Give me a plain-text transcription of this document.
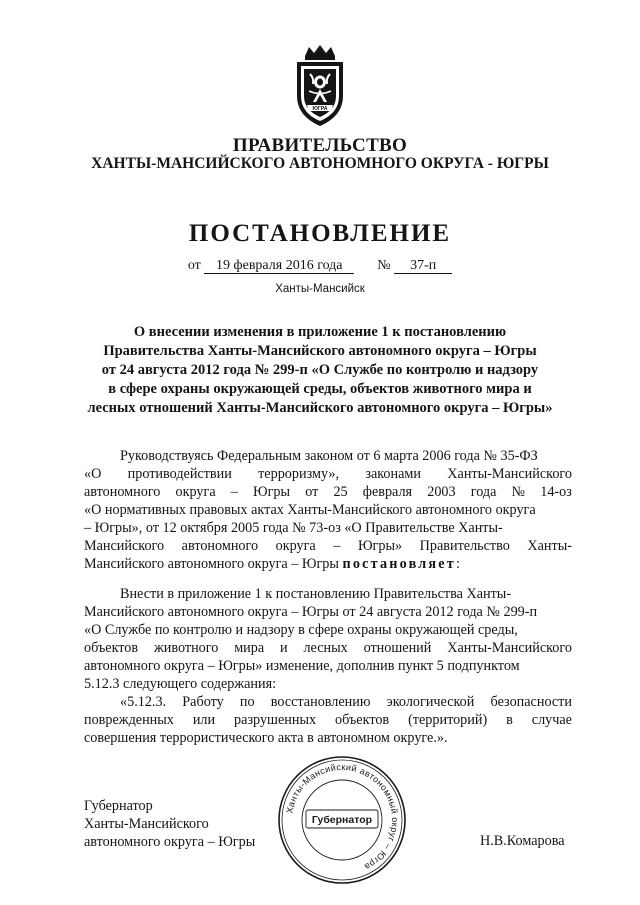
ЮГРА
ПРАВИТЕЛЬСТВО
ХАНТЫ-МАНСИЙСКОГО АВТОНОМНОГО ОКРУГА - ЮГРЫ
ПОСТАНОВЛЕНИЕ
от 19 февраля 2016 года № 37-п
Ханты-Мансийск
О внесении изменения в приложение 1 к постановлению
Правительства Ханты-Мансийского автономного округа – Югры
от 24 августа 2012 года № 299-п «О Службе по контролю и надзору
в сфере охраны окружающей среды, объектов животного мира и
лесных отношений Ханты-Мансийского автономного округа – Югры»
Руководствуясь Федеральным законом от 6 марта 2006 года № 35-ФЗ
«О противодействии терроризму», законами Ханты-Мансийского
автономного округа – Югры от 25 февраля 2003 года № 14-оз
«О нормативных правовых актах Ханты-Мансийского автономного округа
– Югры», от 12 октября 2005 года № 73-оз «О Правительстве Ханты-
Мансийского автономного округа – Югры» Правительство Ханты-
Мансийского автономного округа – Югры постановляет:
Внести в приложение 1 к постановлению Правительства Ханты-
Мансийского автономного округа – Югры от 24 августа 2012 года № 299-п
«О Службе по контролю и надзору в сфере охраны окружающей среды,
объектов животного мира и лесных отношений Ханты-Мансийского
автономного округа – Югры» изменение, дополнив пункт 5 подпунктом
5.12.3 следующего содержания:
«5.12.3. Работу по восстановлению экологической безопасности
поврежденных или разрушенных объектов (территорий) в случае
совершения террористического акта в автономном округе.».
Губернатор
Ханты-Мансийского
автономного округа – Югры	Н.В.Комарова
Ханты-Мансийский автономный округ – Югра
Губернатор
